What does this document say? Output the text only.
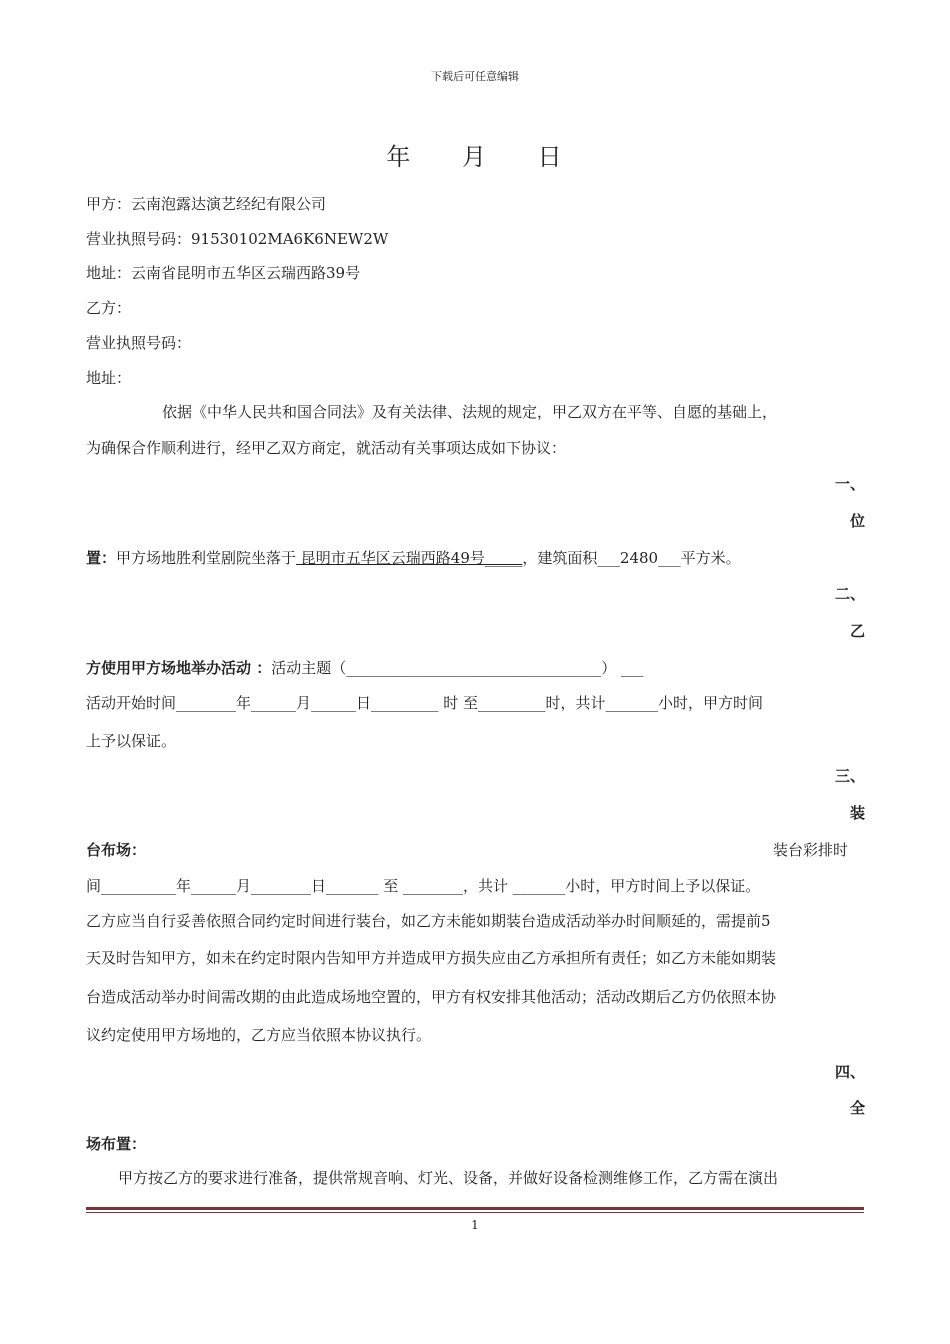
下载后可任意编辑
年 月 日
甲方：云南泡露达演艺经纪有限公司
营业执照号码：91530102MA6K6NEW2W
地址：云南省昆明市五华区云瑞西路39号
乙方：
营业执照号码：
地址：
依据《中华人民共和国合同法》及有关法律、法规的规定，甲乙双方在平等、自愿的基础上，
为确保合作顺利进行，经甲乙双方商定，就活动有关事项达成如下协议：
一、
位
置：甲方场地胜利堂剧院坐落于 昆明市五华区云瑞西路49号_____，建筑面积___2480___平方米。
二、
乙
方使用甲方场地举办活动 ：活动主题（__________________________________） ___
活动开始时间________年______月______日_________ 时 至_________时，共计_______小时，甲方时间
上予以保证。
三、
装
台布场：	装台彩排时
间__________年______月________日_______ 至 ________，共计 _______小时，甲方时间上予以保证。
乙方应当自行妥善依照合同约定时间进行装台，如乙方未能如期装台造成活动举办时间顺延的，需提前5
天及时告知甲方，如未在约定时限内告知甲方并造成甲方损失应由乙方承担所有责任；如乙方未能如期装
台造成活动举办时间需改期的由此造成场地空置的，甲方有权安排其他活动；活动改期后乙方仍依照本协
议约定使用甲方场地的，乙方应当依照本协议执行。
四、
全
场布置：
甲方按乙方的要求进行准备，提供常规音响、灯光、设备，并做好设备检测维修工作，乙方需在演出
1
